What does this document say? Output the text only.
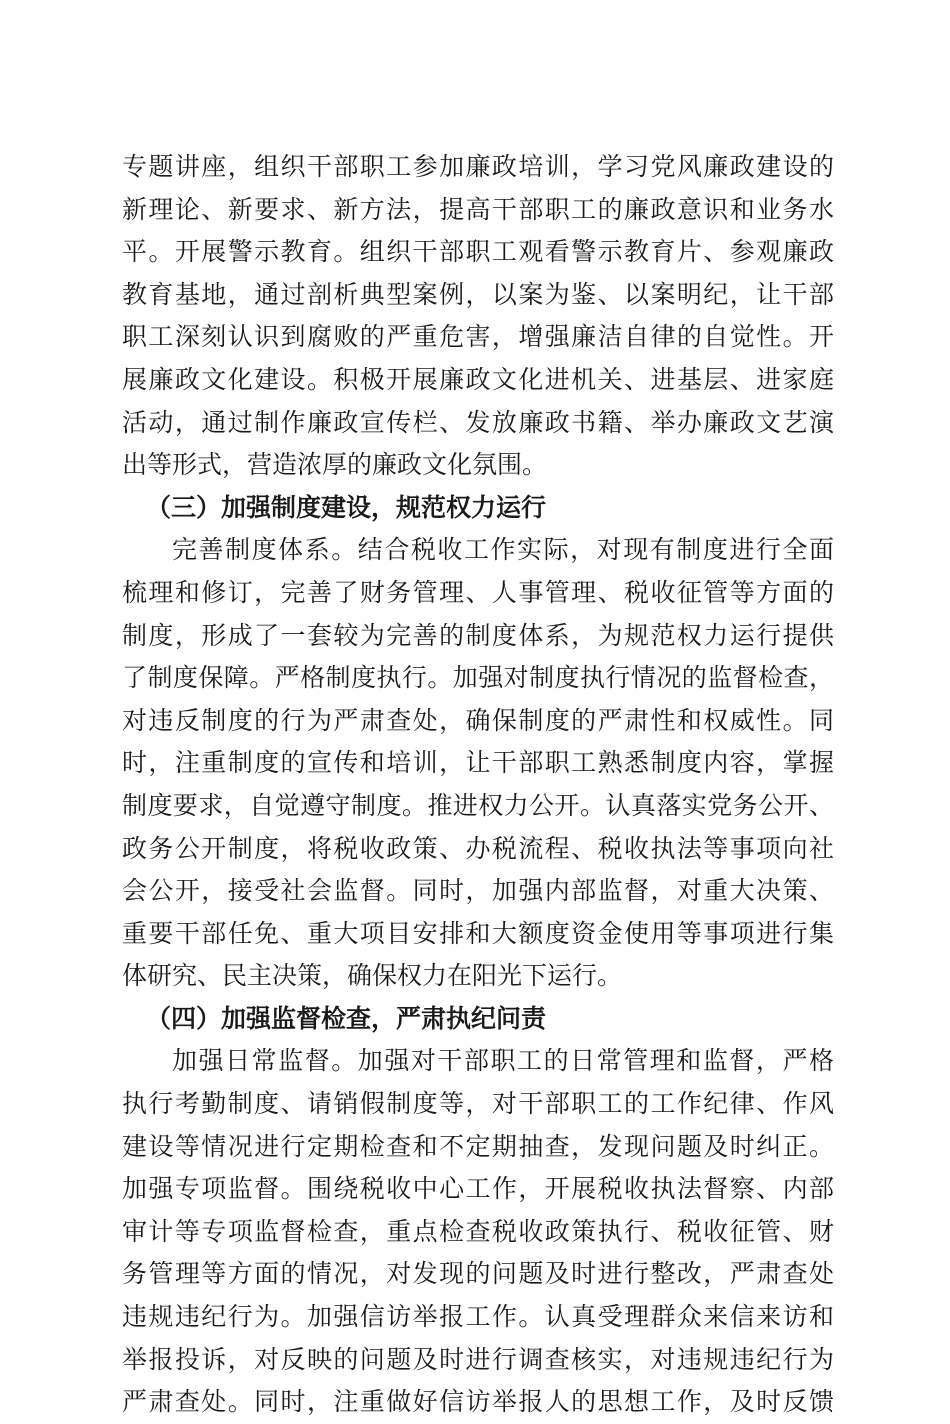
专题讲座，组织干部职工参加廉政培训，学习党风廉政建设的
新理论、新要求、新方法，提高干部职工的廉政意识和业务水
平。开展警示教育。组织干部职工观看警示教育片、参观廉政
教育基地，通过剖析典型案例，以案为鉴、以案明纪，让干部
职工深刻认识到腐败的严重危害，增强廉洁自律的自觉性。开
展廉政文化建设。积极开展廉政文化进机关、进基层、进家庭
活动，通过制作廉政宣传栏、发放廉政书籍、举办廉政文艺演
出等形式，营造浓厚的廉政文化氛围。
（三）加强制度建设，规范权力运行
完善制度体系。结合税收工作实际，对现有制度进行全面
梳理和修订，完善了财务管理、人事管理、税收征管等方面的
制度，形成了一套较为完善的制度体系，为规范权力运行提供
了制度保障。严格制度执行。加强对制度执行情况的监督检查，
对违反制度的行为严肃查处，确保制度的严肃性和权威性。同
时，注重制度的宣传和培训，让干部职工熟悉制度内容，掌握
制度要求，自觉遵守制度。推进权力公开。认真落实党务公开、
政务公开制度，将税收政策、办税流程、税收执法等事项向社
会公开，接受社会监督。同时，加强内部监督，对重大决策、
重要干部任免、重大项目安排和大额度资金使用等事项进行集
体研究、民主决策，确保权力在阳光下运行。
（四）加强监督检查，严肃执纪问责
加强日常监督。加强对干部职工的日常管理和监督，严格
执行考勤制度、请销假制度等，对干部职工的工作纪律、作风
建设等情况进行定期检查和不定期抽查，发现问题及时纠正。
加强专项监督。围绕税收中心工作，开展税收执法督察、内部
审计等专项监督检查，重点检查税收政策执行、税收征管、财
务管理等方面的情况，对发现的问题及时进行整改，严肃查处
违规违纪行为。加强信访举报工作。认真受理群众来信来访和
举报投诉，对反映的问题及时进行调查核实，对违规违纪行为
严肃查处。同时，注重做好信访举报人的思想工作，及时反馈
